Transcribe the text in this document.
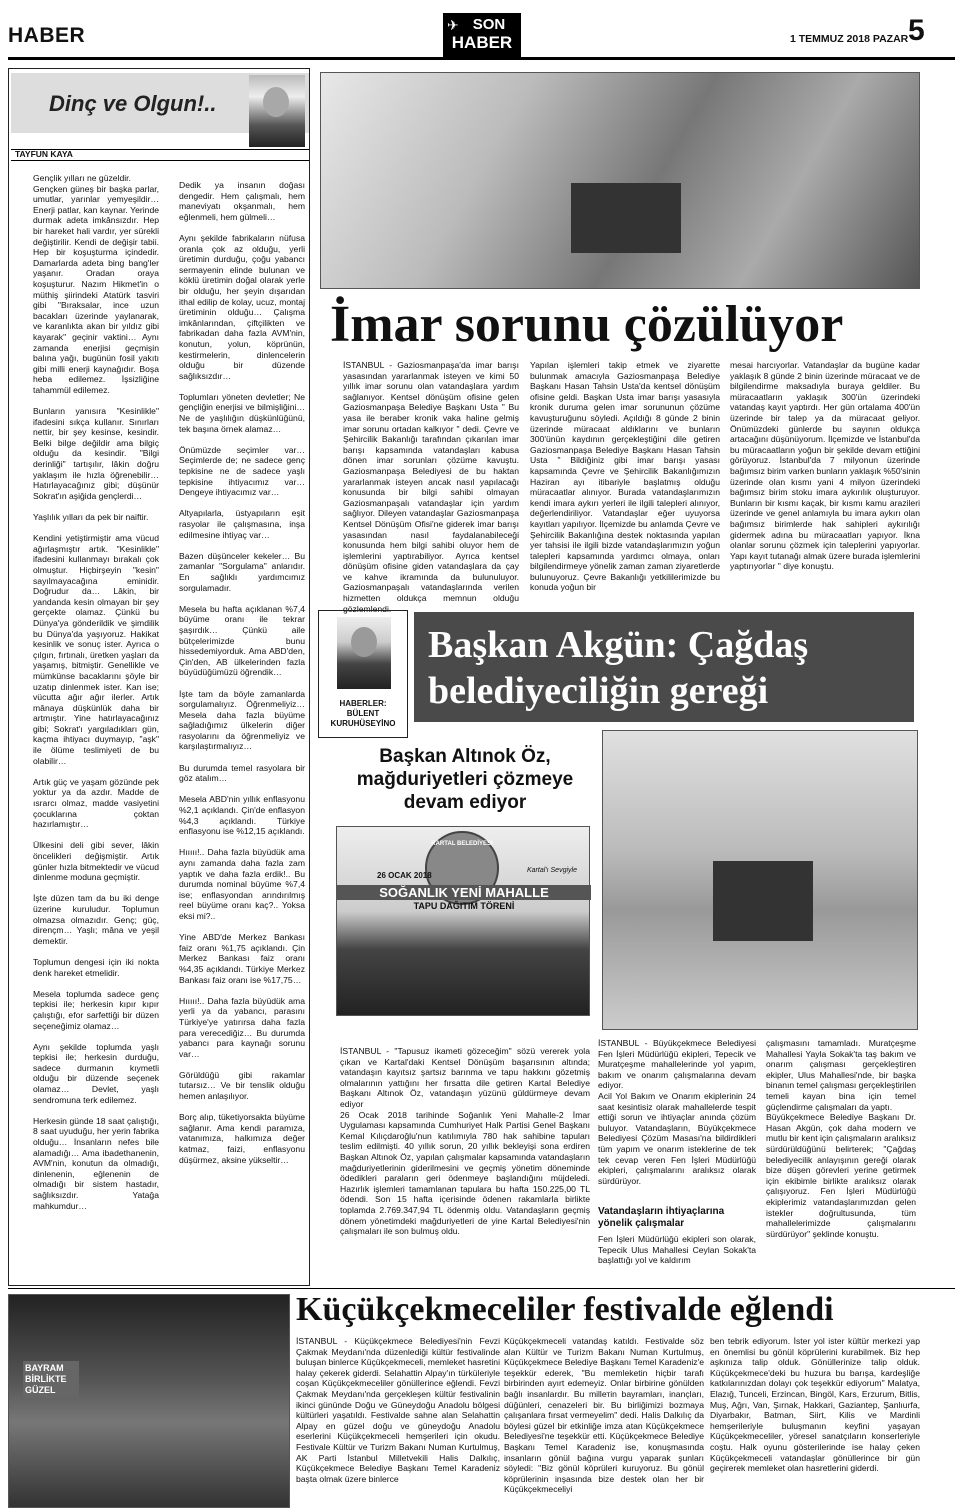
HABER	✈ SON
HABER	1 TEMMUZ 2018 PAZAR 5
Dinç ve Olgun!..
TAYFUN KAYA
Gençlik yılları ne güzeldir.
Gençken güneş bir başka parlar, umutlar, yarınlar yemyeşildir… Enerji patlar, kan kaynar. Yerinde durmak adeta imkânsızdır. Hep bir hareket hali vardır, yer sürekli değiştirilir. Kendi de değişir tabii. Hep bir koşuşturma içindedir. Damarlarda adeta bing bang'ler yaşanır. Oradan oraya koşuşturur. Nazım Hikmet'in o müthiş şiirindeki Atatürk tasviri gibi "Bıraksalar, ince uzun bacakları üzerinde yaylanarak, ve karanlıkta akan bir yıldız gibi kayarak" geçinir vaktini… Aynı zamanda enerjisi geçmişin balına yağı, bugünün fosil yakıtı gibi milli enerji kaynağıdır. Boşa heba edilemez. İşsizliğine tahammül edilemez.

Bunların yanısıra "Kesinlikle" ifadesini sıkça kullanır. Sınırları nettir, bir şey kesinse, kesindir. Belki bilge değildir ama bilgiç olduğu da kesindir. "Bilgi derinliği" tartışılır, lâkin doğru yaklaşım ile hızla öğrenebilir… Hatırlayacağınız gibi; düşünür Sokrat'ın aşiğida gençlerdi…

Yaşlılık yılları da pek bir naiftir.

Kendini yetiştirmiştir ama vücud ağırlaşmıştır artık. "Kesinlikle" ifadesini kullanmayı bırakalı çok olmuştur. Hiçbirşeyin "kesin" sayılmayacağına eminidir. Doğrudur da… Lâkin, bir yandanda kesin olmayan bir şey gerçekte olamaz. Çünkü bu Dünya'ya gönderildik ve şimdilik bu Dünya'da yaşıyoruz. Hakikat kesinlik ve sonuç ister. Ayrıca o çılgın, fırtınalı, üretken yaşları da yaşamış, bitmiştir. Genellikle ve mümkünse bacaklarını şöyle bir uzatıp dinlenmek ister. Kan ise; vücutta ağır ağır ilerler. Artık mânaya düşkünlük daha bir artmıştır. Yine hatırlayacağınız gibi; Sokrat'ı yargıladıkları gün, kaçma ihtiyacı duymayıp, "aşk" ile ölüme teslimiyeti de bu olabilir…

Artık güç ve yaşam gözünde pek yoktur ya da azdır. Madde de ısrarcı olmaz, madde vasiyetini çocuklarına çoktan hazırlamıştır…

Ülkesini deli gibi sever, lâkin öncelikleri değişmiştir. Artık günler hızla bitmektedir ve vücud dinlenme moduna geçmiştir.

İşte düzen tam da bu iki denge üzerine kuruludur. Toplumun olmazsa olmazıdır. Genç; güç, dirençm… Yaşlı; mâna ve yeşil demektir.

Toplumun dengesi için iki nokta denk hareket etmelidir.

Mesela toplumda sadece genç tepkisi ile; herkesin kıpır kıpır çalıştığı, efor sarfettiği bir düzen seçeneğimiz olamaz…

Aynı şekilde toplumda yaşlı tepkisi ile; herkesin durduğu, sadece durmanın kıymetli olduğu bir düzende seçenek olamaz… Devlet, yaşlı sendromuna terk edilemez.

Herkesin günde 18 saat çalıştığı, 8 saat uyuduğu, her yerin fabrika olduğu… İnsanların nefes bile alamadığı… Ama ibadethanenin, AVM'nin, konutun da olmadığı, dinlenenin, eğlenenin de olmadığı bir sistem hastadır, sağlıksızdır. Yatağa mahkumdur…
Dedik ya insanın doğası dengedir. Hem çalışmalı, hem maneviyatı okşanmalı, hem eğlenmeli, hem gülmeli…

Aynı şekilde fabrikaların nüfusa oranla çok az olduğu, yerli üretimin durduğu, çoğu yabancı sermayenin elinde bulunan ve köklü üretimin doğal olarak yerle bir olduğu, her şeyin dışarıdan ithal edilip de kolay, ucuz, montaj üretiminin olduğu… Çalışma imkânlarından, çiftçilikten ve fabrikadan daha fazla AVM'nin, konutun, yolun, köprünün, kestirmelerin, dinlencelerin olduğu bir düzende sağlıksızdır…

Toplumları yöneten devletler; Ne gençliğin enerjisi ve bilmişliğini… Ne de yaşlılığın düşkünlüğünü, tek başına örnek alamaz…

Önümüzde seçimler var… Seçimlerde de; ne sadece genç tepkisine ne de sadece yaşlı tepkisine ihtiyacımız var… Dengeye ihtiyacımız var…

Altyapılarla, üstyapıların eşit rasyolar ile çalışmasına, inşa edilmesine ihtiyaç var…

Bazen düşünceler kekeler… Bu zamanlar "Sorgulama" anlarıdır. En sağlıklı yardımcımız sorgulamadır.

Mesela bu hafta açıklanan %7,4 büyüme oranı ile tekrar şaşırdık… Çünkü aile bütçelerimizde bunu hissedemiyorduk. Ama ABD'den, Çin'den, AB ülkelerinden fazla büyüdüğümüzü öğrendik…

İşte tam da böyle zamanlarda sorgulamalıyız. Öğrenmeliyiz… Mesela daha fazla büyüme sağladığımız ülkelerin diğer rasyolarını da öğrenmeliyiz ve karşılaştırmalıyız…

Bu durumda temel rasyolara bir göz atalım…

Mesela ABD'nin yıllık enflasyonu %2,1 açıklandı. Çin'de enflasyon %4,3 açıklandı. Türkiye enflasyonu ise %12,15 açıklandı.

Hııııı!.. Daha fazla büyüdük ama aynı zamanda daha fazla zam yaptık ve daha fazla erdik!.. Bu durumda nominal büyüme %7,4 ise; enflasyondan arındırılmış reel büyüme oranı kaç?.. Yoksa eksi mi?..

Yine ABD'de Merkez Bankası faiz oranı %1,75 açıklandı. Çin Merkez Bankası faiz oranı %4,35 açıklandı. Türkiye Merkez Bankası faiz oranı ise %17,75…

Hııııı!.. Daha fazla büyüdük ama yerli ya da yabancı, parasını Türkiye'ye yatırırsa daha fazla para verecediğiz… Bu durumda yabancı para kaynağı sorunu var…

Görüldüğü gibi rakamlar tutarsız… Ve bir tenslik olduğu hemen anlaşılıyor.

Borç alıp, tüketiyorsakta büyüme sağlanır. Ama kendi paramıza, vatanımıza, halkımıza değer katmaz, faizi, enflasyonu düşürmez, aksine yükseltir…
İmar sorunu çözülüyor
İSTANBUL - Gaziosmanpaşa'da imar barışı yasasından yararlanmak isteyen ve kimi 50 yıllık imar sorunu olan vatandaşlara yardım sağlanıyor. Kentsel dönüşüm ofisine gelen Gaziosmanpaşa Belediye Başkanı Usta " Bu yasa ile beraber kronik vaka haline gelmiş imar sorunu ortadan kalkıyor " dedi. Çevre ve Şehircilik Bakanlığı tarafından çıkarılan imar barışı kapsamında vatandaşları kabusa dönen imar sorunları çözüme kavuştu. Gaziosmanpaşa Belediyesi de bu haktan yararlanmak isteyen ancak nasıl yapılacağı konusunda bir bilgi sahibi olmayan Gaziosmanpaşalı vatandaşlar için yardım sağlıyor. Dileyen vatandaşlar Gaziosmanpaşa Kentsel Dönüşüm Ofisi'ne giderek imar barışı yasasından nasıl faydalanabileceği konusunda hem bilgi sahibi oluyor hem de işlemlerini yaptırabiliyor. Ayrıca kentsel dönüşüm ofisine giden vatandaşlara da çay ve kahve ikramında da bulunuluyor. Gaziosmanpaşalı vatandaşlarında verilen hizmetten oldukça memnun olduğu gözlemlendi.
Yapılan işlemleri takip etmek ve ziyarette bulunmak amacıyla Gaziosmanpaşa Belediye Başkanı Hasan Tahsin Usta'da kentsel dönüşüm ofisine geldi. Başkan Usta imar barışı yasasıyla kronik duruma gelen imar sorununun çözüme kavuşturuğunu söyledi. Açıldığı 8 günde 2 binin üzerinde müracaat aldıklarını ve bunların 300'ünün kaydının gerçekleştiğini dile getiren Gaziosmanpaşa Belediye Başkanı Hasan Tahsin Usta " Bildiğiniz gibi imar barışı yasası kapsamında Çevre ve Şehircilik Bakanlığımızın Haziran ayı itibariyle başlatmış olduğu müracaatlar alınıyor. Burada vatandaşlarımızın kendi imara aykırı yerleri ile ilgili talepleri alınıyor, değerlendiriliyor. Vatandaşlar eğer uyuyorsa kayıtları yapılıyor. İlçemizde bu anlamda Çevre ve Şehircilik Bakanlığına destek noktasında yapılan yer tahsisi ile ilgili bizde vatandaşlarımızın yoğun talepleri kapsamında yardımcı olmaya, onları bilgilendirmeye yönelik zaman zaman ziyaretlerde bulunuyoruz. Çevre Bakanlığı yetkililerimizde bu konuda yoğun bir
mesai harcıyorlar. Vatandaşlar da bugüne kadar yaklaşık 8 günde 2 binin üzerinde müracaat ve de bilgilendirme maksadıyla buraya geldiler. Bu müracaatların yaklaşık 300'ün üzerindeki vatandaş kayıt yaptırdı. Her gün ortalama 400'ün üzerinde bir talep ya da müracaat geliyor. Önümüzdeki günlerde bu sayının oldukça artacağını düşünüyorum. İlçemizde ve İstanbul'da bu müracaatların yoğun bir şekilde devam ettiğini görüyoruz. İstanbul'da 7 milyonun üzerinde bağımsız birim varken bunların yaklaşık %50'sinin üzerinde olan kısmı yani 4 milyon üzerindeki bağımsız birim stoku imara aykırılık oluşturuyor. Bunların bir kısmı kaçak, bir kısmı kamu arazileri üzerinde ve genel anlamıyla bu imara aykırı olan bağımsız birimlerde hak sahipleri aykırılığı gidermek adına bu müracaatları yapıyor. İkna olanlar sorunu çözmek için taleplerini yapıyorlar. Yapı kayıt tutanağı almak üzere burada işlemlerini yaptırıyorlar " diye konuştu.
HABERLER:
BÜLENT KURUHÜSEYİNO
Başkan Akgün: Çağdaş belediyeciliğin gereği
Başkan Altınok Öz, mağduriyetleri çözmeye devam ediyor
KARTAL BELEDİYESİ
26 OCAK 2018
Kartal'ı Sevgiyle
SOĞANLIK YENİ MAHALLE
TAPU DAĞITIM TÖRENİ
İSTANBUL - "Tapusuz ikameti gözeceğim" sözü vererek yola çıkan ve Kartal'daki Kentsel Dönüşüm başarısının altında; vatandaşın kayıtsız şartsız barınma ve tapu hakkını gözetmiş olmalarının yattığını her fırsatta dile getiren Kartal Belediye Başkanı Altınok Öz, vatandaşın yüzünü güldürmeye devam ediyor
26 Ocak 2018 tarihinde Soğanlık Yeni Mahalle-2 İmar Uygulaması kapsamında Cumhuriyet Halk Partisi Genel Başkanı Kemal Kılıçdaroğlu'nun katılımıyla 780 hak sahibine tapuları teslim edilmişti. 40 yıllık sorun, 20 yıllık bekleyişi sona erdiren Başkan Altınok Öz, yapılan çalışmalar kapsamında vatandaşların mağduriyetlerinin giderilmesini ve geçmiş yönetim döneminde ödedikleri paraların geri ödenmeye başlandığını müjdeledi. Hazırlık işlemleri tamamlanan tapulara bu hafta 150.225,00 TL ödendi. Son 15 hafta içerisinde ödenen rakamlarla birlikte toplamda 2.769.347,94 TL ödenmiş oldu. Vatandaşların geçmiş dönem yönetimdeki mağduriyetleri de yine Kartal Belediyesi'nin çalışmaları ile son bulmuş oldu.
İSTANBUL - Büyükçekmece Belediyesi Fen İşleri Müdürlüğü ekipleri, Tepecik ve Muratçeşme mahallelerinde yol yapım, bakım ve onarım çalışmalarına devam ediyor.
Acil Yol Bakım ve Onarım ekiplerinin 24 saat kesintisiz olarak mahallelerde tespit ettiği sorun ve ihtiyaçlar anında çözüm buluyor. Vatandaşların, Büyükçekmece Belediyesi Çözüm Masası'na bildirdikleri tüm yapım ve onarım isteklerine de tek tek cevap veren Fen İşleri Müdürlüğü ekipleri, çalışmalarını aralıksız olarak sürdürüyor.
Vatandaşların ihtiyaçlarına yönelik çalışmalar
Fen İşleri Müdürlüğü ekipleri son olarak, Tepecik Ulus Mahallesi Ceylan Sokak'ta başlattığı yol ve kaldırım
çalışmasını tamamladı. Muratçeşme Mahallesi Yayla Sokak'ta taş bakım ve onarım çalışması gerçekleştiren ekipler, Ulus Mahallesi'nde, bir başka binanın temel çalışması gerçekleştirilen temeli kayan bina için temel güçlendirme çalışmaları da yaptı.
Büyükçekmece Belediye Başkanı Dr. Hasan Akgün, çok daha modern ve mutlu bir kent için çalışmaların aralıksız sürdürüldüğünü belirterek; "Çağdaş belediyecilik anlayışının gereği olarak bize düşen görevleri yerine getirmek için ekibimle birlikte aralıksız olarak çalışıyoruz. Fen İşleri Müdürlüğü ekiplerimiz vatandaşlarımızdan gelen istekler doğrultusunda, tüm mahallelerimizde çalışmalarını sürdürüyor" şeklinde konuştu.
BAYRAM BİRLİKTE GÜZEL
Küçükçekmeceliler festivalde eğlendi
İSTANBUL - Küçükçekmece Belediyesi'nin Fevzi Çakmak Meydanı'nda düzenlediği kültür festivalinde buluşan binlerce Küçükçekmeceli, memleket hasretini halay çekerek giderdi. Selahattin Alpay'ın türküleriyle coşan Küçükçekmeceliler gönüllerince eğlendi. Fevzi Çakmak Meydanı'nda gerçekleşen kültür festivalinin ikinci gününde Doğu ve Güneydoğu Anadolu bölgesi kültürleri yaşatıldı. Festivalde sahne alan Selahattin Alpay en güzel doğu ve güneydoğu Anadolu eserlerini Küçükçekmeceli hemşerileri için okudu. Festivale Kültür ve Turizm Bakanı Numan Kurtulmuş, AK Parti İstanbul Milletvekili Halis Dalkılıç, Küçükçekmece Belediye Başkanı Temel Karadeniz başta olmak üzere binlerce
Küçükçekmeceli vatandaş katıldı. Festivalde söz alan Kültür ve Turizm Bakanı Numan Kurtulmuş, Küçükçekmece Belediye Başkanı Temel Karadeniz'e teşekkür ederek, "Bu memleketin hiçbir tarafı birbirinden ayırt edemeyiz. Onlar birbirine gönülden bağlı insanlardır. Bu millетin bayramları, inançları, düğünleri, cenazeleri bir. Bu birliğimizi bozmaya çalışanlara fırsat vermeyelim" dedi. Halis Dalkılıç da böylesi güzel bir etkinliğe imza atan Küçükçekmece Belediyesi'ne teşekkür etti. Küçükçekmece Belediye Başkanı Temel Karadeniz ise, konuşmasında insanların gönül bağına vurgu yaparak şunları söyledi: "Biz gönül köprüleri kuruyoruz. Bu gönül köprülerinin inşasında bize destek olan her bir Küçükçekmeceliyi
ben tebrik ediyorum. İster yol ister kültür merkezi yap en önemlisi bu gönül köprülerini kurabilmek. Biz hep aşkınıza talip olduk. Gönüllerinize talip olduk. Küçükçekmece'deki bu huzura bu barışa, kardeşliğe katkılarınızdan dolayı çok teşekkür ediyorum" Malatya, Elazığ, Tunceli, Erzincan, Bingöl, Kars, Erzurum, Bitlis, Muş, Ağrı, Van, Şırnak, Hakkari, Gaziantep, Şanlıurfa, Diyarbakır, Batman, Siirt, Kilis ve Mardinli hemşerileriyle buluşmanın keyfini yaşayan Küçükçekmeceliler, yöresel sanatçıların konserleriyle coştu. Halk oyunu gösterilerinde ise halay çeken Küçükçekmeceli vatandaşlar gönüllerince bir gün geçirerek memleket olan hasretlerini giderdi.
